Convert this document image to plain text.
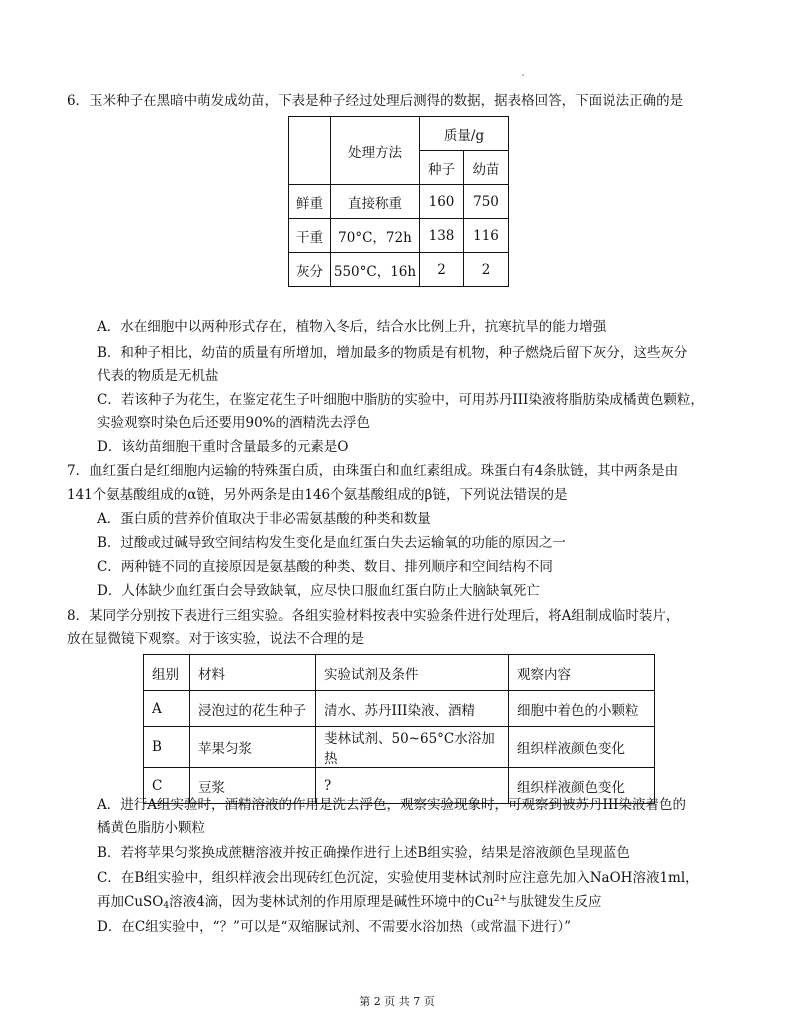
6．玉米种子在黑暗中萌发成幼苗，下表是种子经过处理后测得的数据，据表格回答，下面说法正确的是
	处理方法	质量/g	
		种子	幼苗
鲜重	直接称重	160	750
干重	70°C，72h	138	116
灰分	550°C，16h	2	2
A．水在细胞中以两种形式存在，植物入冬后，结合水比例上升，抗寒抗旱的能力增强
B．和种子相比，幼苗的质量有所增加，增加最多的物质是有机物，种子燃烧后留下灰分，这些灰分
代表的物质是无机盐
C．若该种子为花生，在鉴定花生子叶细胞中脂肪的实验中，可用苏丹III染液将脂肪染成橘黄色颗粒，
实验观察时染色后还要用90%的酒精洗去浮色
D．该幼苗细胞干重时含量最多的元素是O
7．血红蛋白是红细胞内运输的特殊蛋白质，由珠蛋白和血红素组成。珠蛋白有4条肽链，其中两条是由
141个氨基酸组成的α链，另外两条是由146个氨基酸组成的β链，下列说法错误的是
A．蛋白质的营养价值取决于非必需氨基酸的种类和数量
B．过酸或过碱导致空间结构发生变化是血红蛋白失去运输氧的功能的原因之一
C．两种链不同的直接原因是氨基酸的种类、数目、排列顺序和空间结构不同
D．人体缺少血红蛋白会导致缺氧，应尽快口服血红蛋白防止大脑缺氧死亡
8．某同学分别按下表进行三组实验。各组实验材料按表中实验条件进行处理后，将A组制成临时装片，
放在显微镜下观察。对于该实验，说法不合理的是
组别	材料	实验试剂及条件	观察内容
A	浸泡过的花生种子	清水、苏丹III染液、酒精	细胞中着色的小颗粒
B	苹果匀浆	斐林试剂、50~65°C水浴加热	组织样液颜色变化
C	豆浆	?	组织样液颜色变化
A．进行A组实验时，酒精溶液的作用是洗去浮色，观察实验现象时，可观察到被苏丹III染液着色的
橘黄色脂肪小颗粒
B．若将苹果匀浆换成蔗糖溶液并按正确操作进行上述B组实验，结果是溶液颜色呈现蓝色
C．在B组实验中，组织样液会出现砖红色沉淀，实验使用斐林试剂时应注意先加入NaOH溶液1ml，
再加CuSO$_4$溶液4滴，因为斐林试剂的作用原理是碱性环境中的$Cu^{2+}$与肽键发生反应
D．在C组实验中，“？”可以是“双缩脲试剂、不需要水浴加热（或常温下进行）”
第 2 页 共 7 页
